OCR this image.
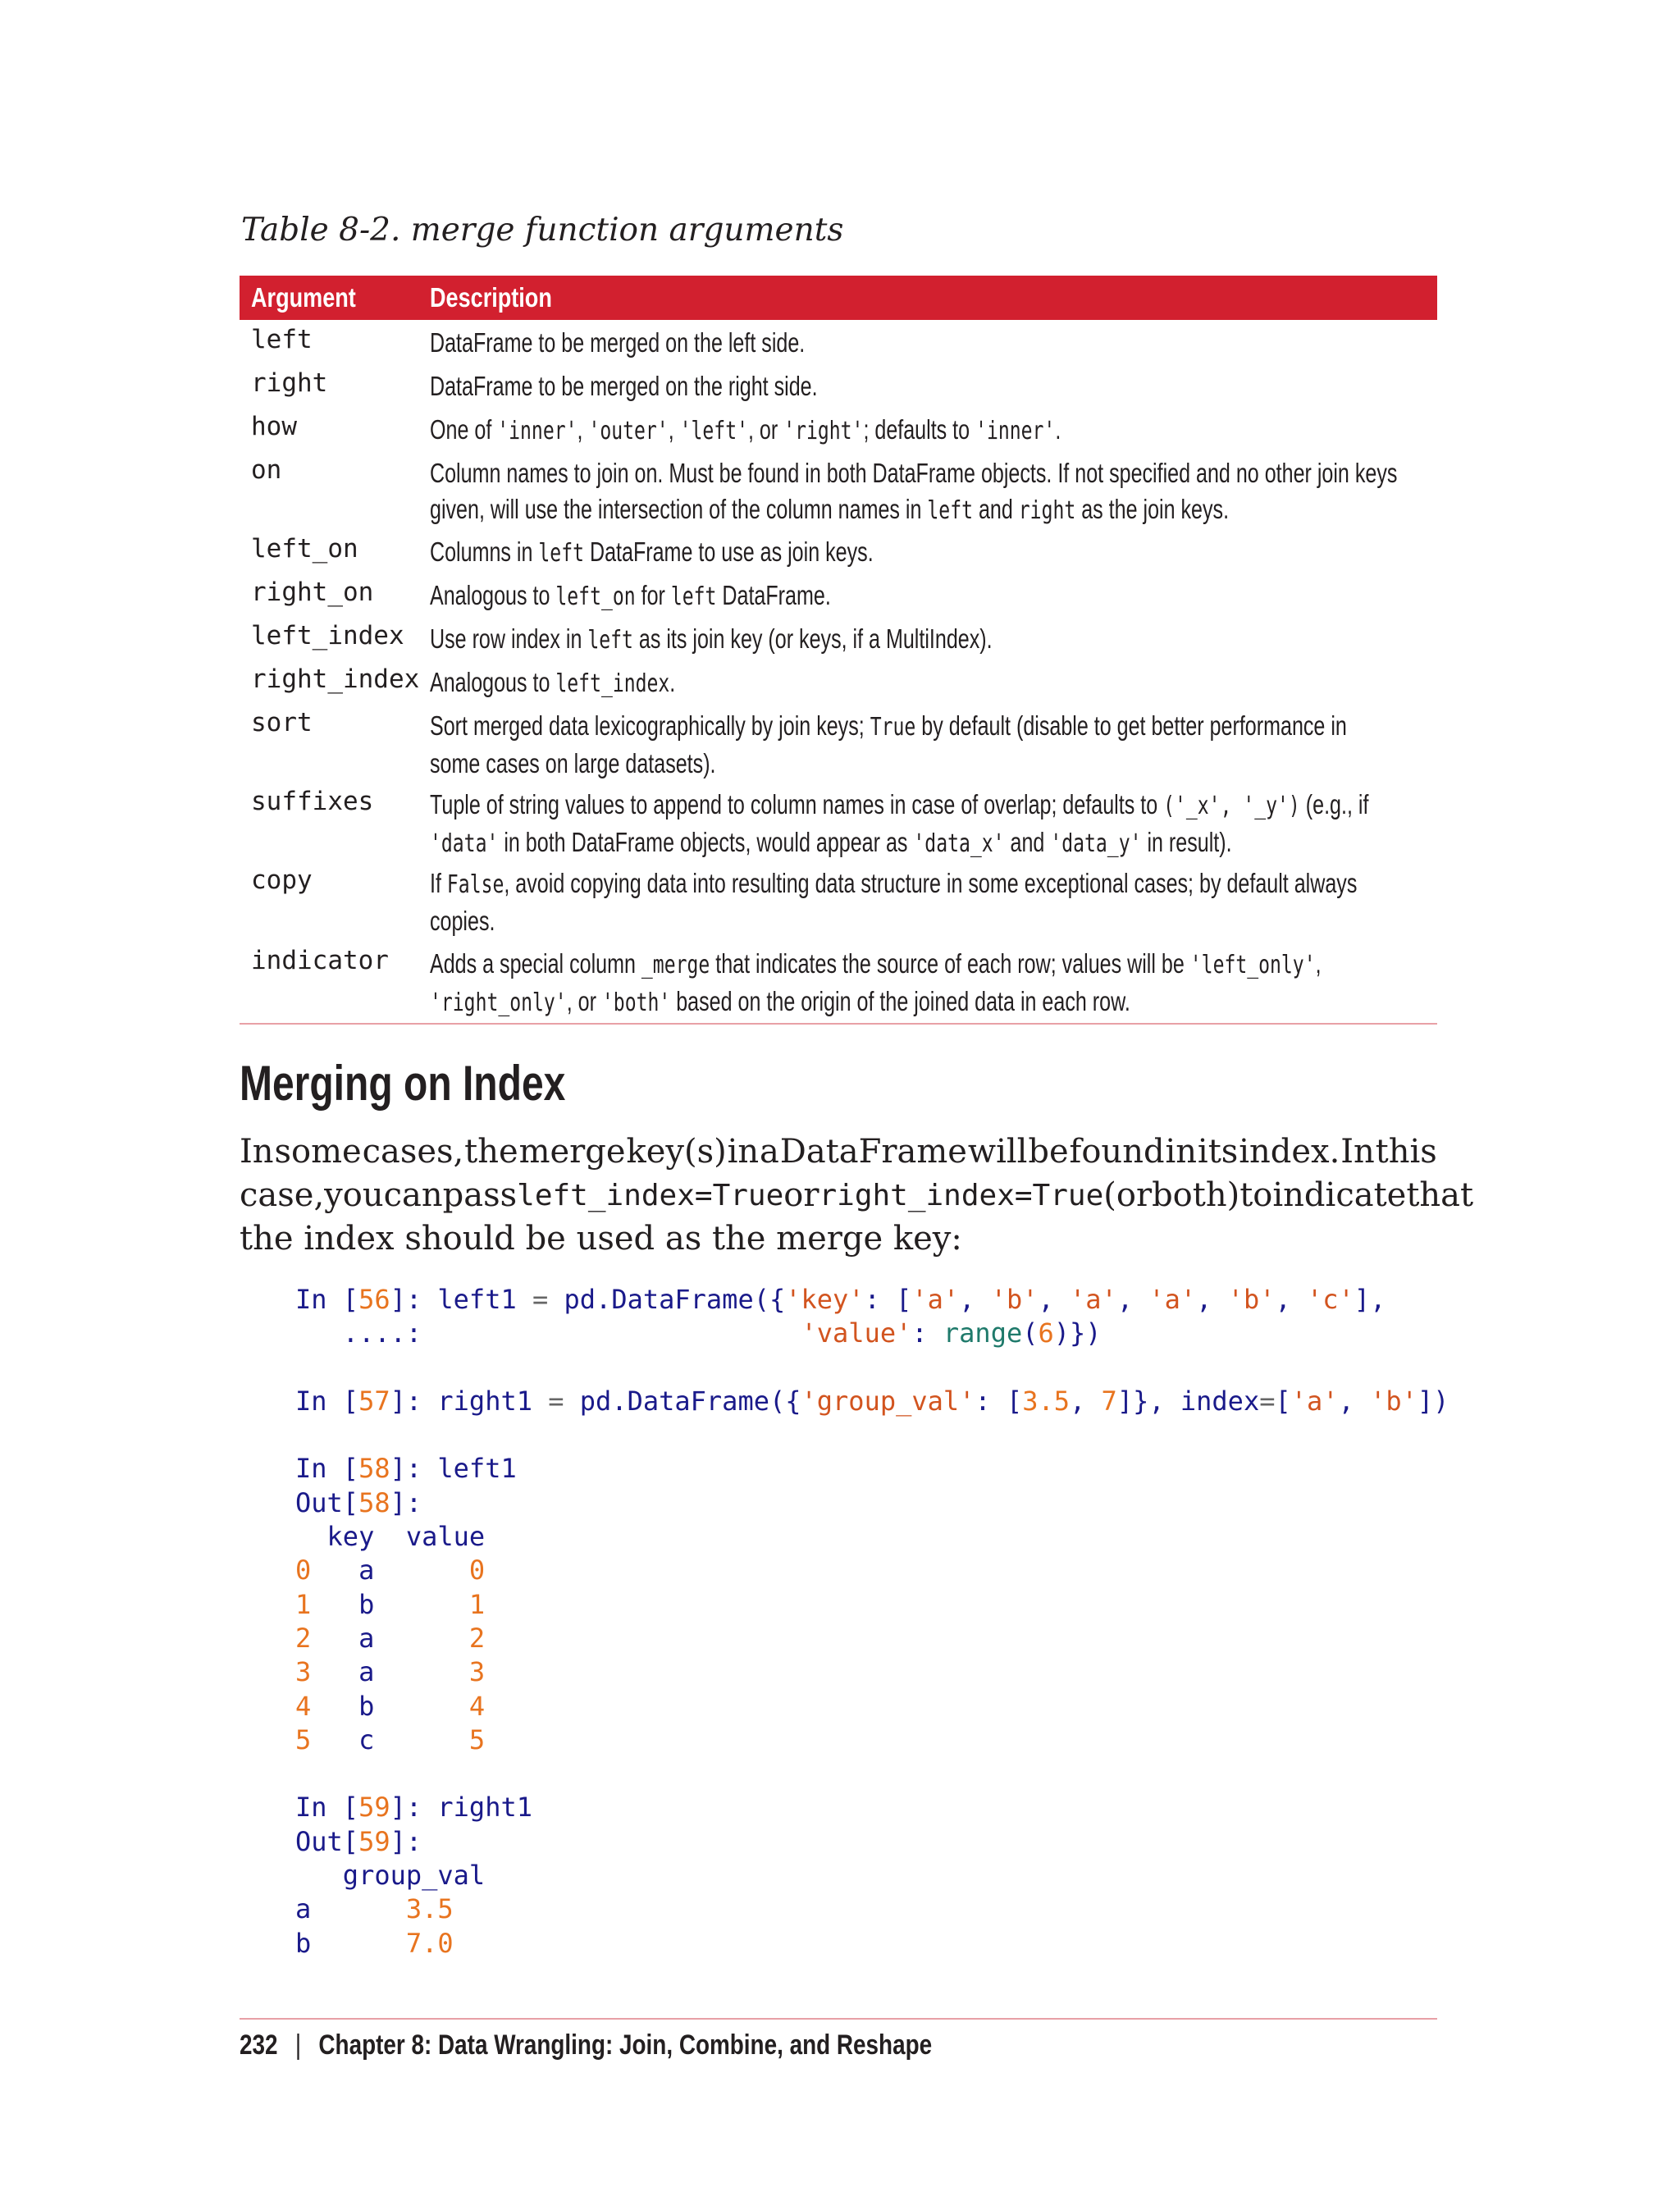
Table 8-2. merge function arguments
Argument	Description
left	DataFrame to be merged on the left side.
right	DataFrame to be merged on the right side.
how	One of 'inner', 'outer', 'left', or 'right'; defaults to 'inner'.
on	Column names to join on. Must be found in both DataFrame objects. If not specified and no other join keys
given, will use the intersection of the column names in left and right as the join keys.
left_on	Columns in left DataFrame to use as join keys.
right_on Analogous to left_on for left DataFrame.
left_index Use row index in left as its join key (or keys, if a MultiIndex).
right_index Analogous to left_index.
sort	Sort merged data lexicographically by join keys; True by default (disable to get better performance in
some cases on large datasets).
suffixes Tuple of string values to append to column names in case of overlap; defaults to ('_x', '_y') (e.g., if
'data' in both DataFrame objects, would appear as 'data_x' and 'data_y' in result).
copy	If False, avoid copying data into resulting data structure in some exceptional cases; by default always
copies.
indicator Adds a special column _merge that indicates the source of each row; values will be 'left_only',
'right_only', or 'both' based on the origin of the joined data in each row.
Merging on Index
In some cases, the merge key(s) in a DataFrame will be found in its index. In this
case, you can pass left_index=True or right_index=True (or both) to indicate that
the index should be used as the merge key:
In [56]: left1 = pd.DataFrame({'key': ['a', 'b', 'a', 'a', 'b', 'c'],
....:	'value': range(6)})
In [57]: right1 = pd.DataFrame({'group_val': [3.5, 7]}, index=['a', 'b'])
In [58]: left1
Out[58]:
key  value
0   a      0
1   b      1
2   a      2
3   a      3
4   b      4
5   c      5
In [59]: right1
Out[59]:
group_val
a      3.5
b      7.0
232 | Chapter 8: Data Wrangling: Join, Combine, and Reshape
